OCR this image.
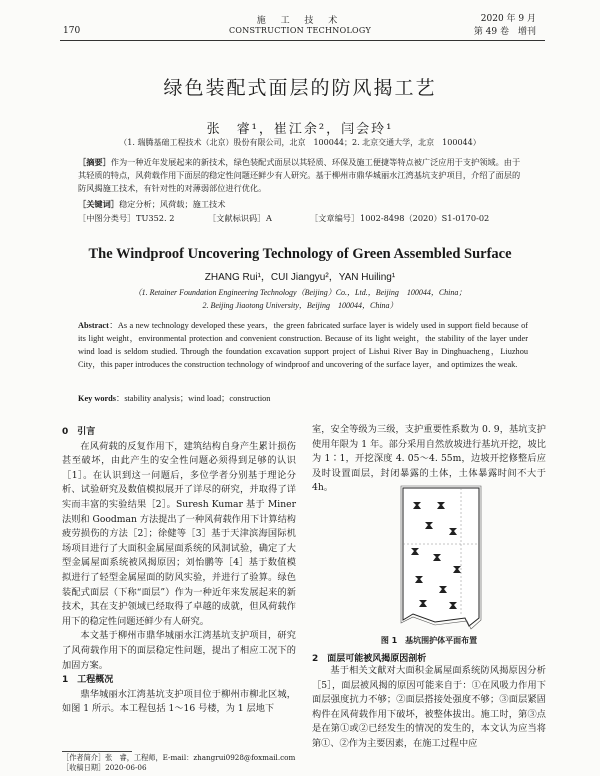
170
施 工 技 术
CONSTRUCTION TECHNOLOGY
2020 年 9 月
第 49 卷　增刊
绿色装配式面层的防风揭工艺
张　睿¹，崔江余²，闫会玲¹
（1. 瑞腾基础工程技术（北京）股份有限公司，北京　100044；2. 北京交通大学，北京　100044）
［摘要］作为一种近年发展起来的新技术，绿色装配式面层以其轻质、环保及施工便捷等特点被广泛应用于支护领域。由于其轻质的特点，风荷载作用下面层的稳定性问题还鲜少有人研究。基于柳州市鼎华城丽水江湾基坑支护项目，介绍了面层的防风揭施工技术，有针对性的对薄弱部位进行优化。
［关键词］稳定分析；风荷载；施工技术
［中图分类号］ TU352. 2	［文献标识码］ A	［文章编号］ 1002-8498（2020）S1-0170-02
The Windproof Uncovering Technology of Green Assembled Surface
ZHANG Rui¹，CUI Jiangyu²，YAN Huiling¹
（1. Retainer Foundation Engineering Technology（Beijing）Co.，Ltd.，Beijing　100044，China；
2. Beijing Jiaotong University，Beijing　100044，China）
Abstract：As a new technology developed these years，the green fabricated surface layer is widely used in support field because of its light weight，environmental protection and convenient construction. Because of its light weight，the stability of the layer under wind load is seldom studied. Through the foundation excavation support project of Lishui River Bay in Dinghuacheng，Liuzhou City，this paper introduces the construction technology of windproof and uncovering of the surface layer，and optimizes the weak.
Key words：stability analysis；wind load；construction

0　引言

在风荷载的反复作用下，建筑结构自身产生累计损伤甚至破坏，由此产生的安全性问题必须得到足够的认识［1］。在认识到这一问题后，多位学者分别基于理论分析、试验研究及数值模拟展开了详尽的研究，并取得了详实而丰富的实验结果［2］。Suresh Kumar 基于 Miner 法则和 Goodman 方法提出了一种风荷载作用下计算结构疲劳损伤的方法［2］；徐健等［3］基于天津滨海国际机场项目进行了大面积金属屋面系统的风洞试验，确定了大型金属屋面系统被风揭原因；刘怡鹏等［4］基于数值模拟进行了轻型金属屋面的防风实验，并进行了验算。绿色装配式面层（下称“面层”）作为一种近年来发展起来的新技术，其在支护领域已经取得了卓越的成就，但风荷载作用下的稳定性问题还鲜少有人研究。

本文基于柳州市鼎华城丽水江湾基坑支护项目，研究了风荷载作用下的面层稳定性问题，提出了相应工况下的加固方案。

1　工程概况

鼎华城丽水江湾基坑支护项目位于柳州市柳北区城，如图 1 所示。本工程包括 1～16 号楼，为 1 层地下

［作者简介］张　睿，工程师，E-mail：zhangrui0928@foxmail.com
［收稿日期］2020-06-06

室，安全等级为三级，支护重要性系数为 0. 9，基坑支护使用年限为 1 年。部分采用自然放坡进行基坑开挖，坡比为 1∶1，开挖深度 4. 05～4. 55m，边坡开挖修整后应及时设置面层，封闭暴露的土体，土体暴露时间不大于 4h。

图 1　基坑围护体平面布置
2　面层可能被风揭原因剖析

基于相关文献对大面积金属屋面系统防风揭原因分析［5］，面层被风揭的原因可能来自于：①在风吸力作用下面层强度抗力不够；②面层搭接处强度不够；③面层紧固构件在风荷载作用下破坏，被整体拔出。施工时，第③点是在第①或②已经发生的情况的发生的，本文认为应当将第①、②作为主要因素，在施工过程中应
